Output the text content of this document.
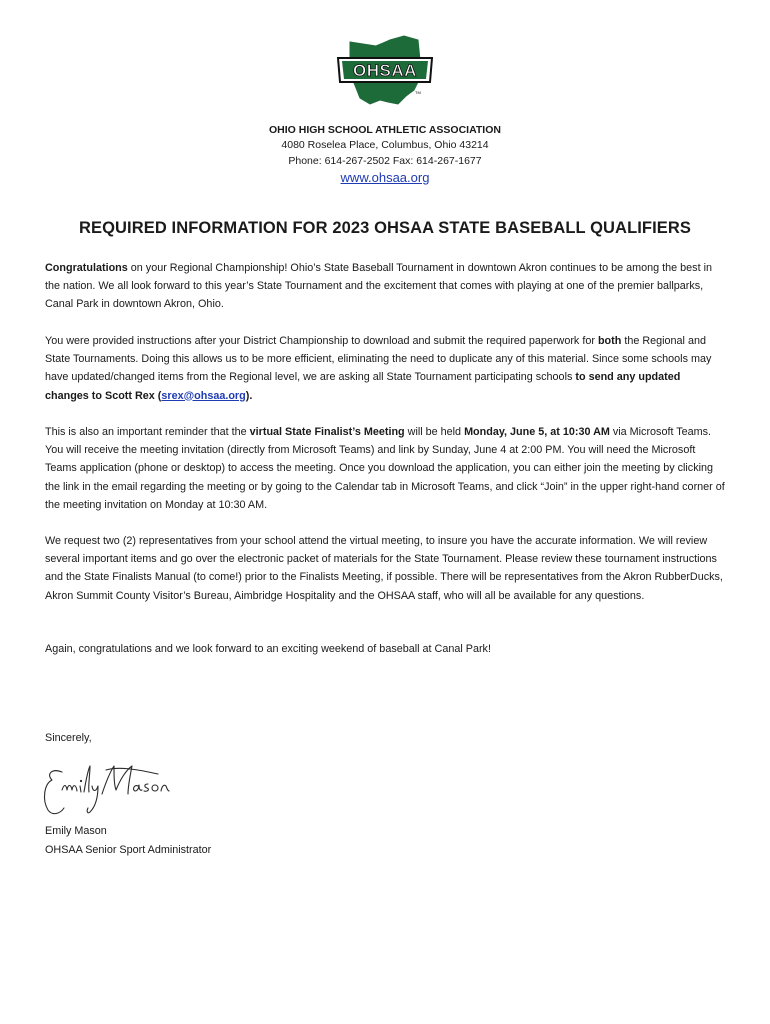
OHSAA
TM
OHIO HIGH SCHOOL ATHLETIC ASSOCIATION
4080 Roselea Place, Columbus, Ohio 43214
Phone: 614-267-2502 Fax: 614-267-1677
www.ohsaa.org
REQUIRED INFORMATION FOR 2023 OHSAA STATE BASEBALL QUALIFIERS

Congratulations on your Regional Championship! Ohio’s State Baseball Tournament in downtown Akron continues to be among the best in the nation. We all look forward to this year’s State Tournament and the excitement that comes with playing at one of the premier ballparks, Canal Park in downtown Akron, Ohio.

You were provided instructions after your District Championship to download and submit the required paperwork for both the Regional and State Tournaments. Doing this allows us to be more efficient, eliminating the need to duplicate any of this material. Since some schools may have updated/changed items from the Regional level, we are asking all State Tournament participating schools to send any updated changes to Scott Rex (srex@ohsaa.org).

This is also an important reminder that the virtual State Finalist’s Meeting will be held Monday, June 5, at 10:30 AM via Microsoft Teams. You will receive the meeting invitation (directly from Microsoft Teams) and link by Sunday, June 4 at 2:00 PM. You will need the Microsoft Teams application (phone or desktop) to access the meeting. Once you download the application, you can either join the meeting by clicking the link in the email regarding the meeting or by going to the Calendar tab in Microsoft Teams, and click “Join” in the upper right-hand corner of the meeting invitation on Monday at 10:30 AM.

We request two (2) representatives from your school attend the virtual meeting, to insure you have the accurate information. We will review several important items and go over the electronic packet of materials for the State Tournament. Please review these tournament instructions and the State Finalists Manual (to come!) prior to the Finalists Meeting, if possible. There will be representatives from the Akron RubberDucks, Akron Summit County Visitor’s Bureau, Aimbridge Hospitality and the OHSAA staff, who will all be available for any questions.

Again, congratulations and we look forward to an exciting weekend of baseball at Canal Park!

Sincerely,
Emily Mason
OHSAA Senior Sport Administrator
